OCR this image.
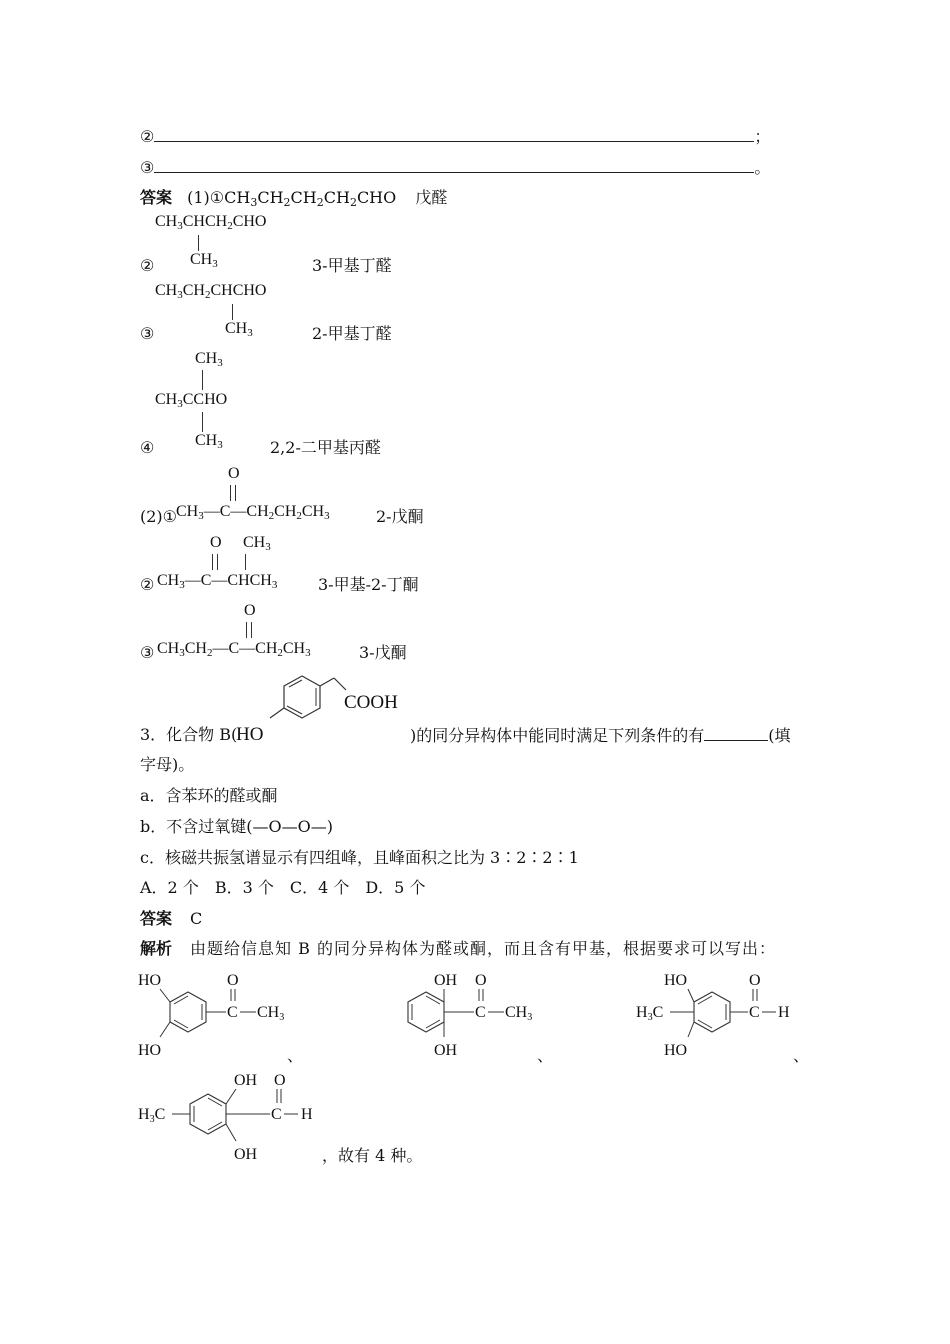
②	；
③	。
答案 $(1)①CH_3CH_2CH_2CH_2CHO$ 戊醛
$CH_3CHCH_2CHO$
$CH_3$
②	3-甲基丁醛
$CH_3CH_2CHCHO$
$CH_3$
③	2-甲基丁醛
$CH_3$
$CH_3CCHO$
$CH_3$
④	2,2-二甲基丙醛
(2)①
O
$CH_3—C—CH_2CH_2CH_3$	2-戊酮
②
O $CH_3$
$CH_3—C—CHCH_3$	3-甲基-2-丁酮
③
O
$CH_3CH_2—C—CH_2CH_3$	3-戊酮
3．化合物 B(
COOH
HO	)的同分异构体中能同时满足下列条件的有	(填
字母)。
a．含苯环的醛或酮
b．不含过氧键(—O—O—)
c．核磁共振氢谱显示有四组峰，且峰面积之比为 3∶2∶2∶1
A．2 个　B．3 个　C．4 个　D．5 个
答案 C
解析 由题给信息知 B 的同分异构体为醛或酮，而且含有甲基，根据要求可以写出：
HO
HO
C
O
CH3
、
OH
OH
C
O
CH3
、
HO
HO
H3C	C
O
H
、
OH
OH
H3C	C
O
H
，故有 4 种。
